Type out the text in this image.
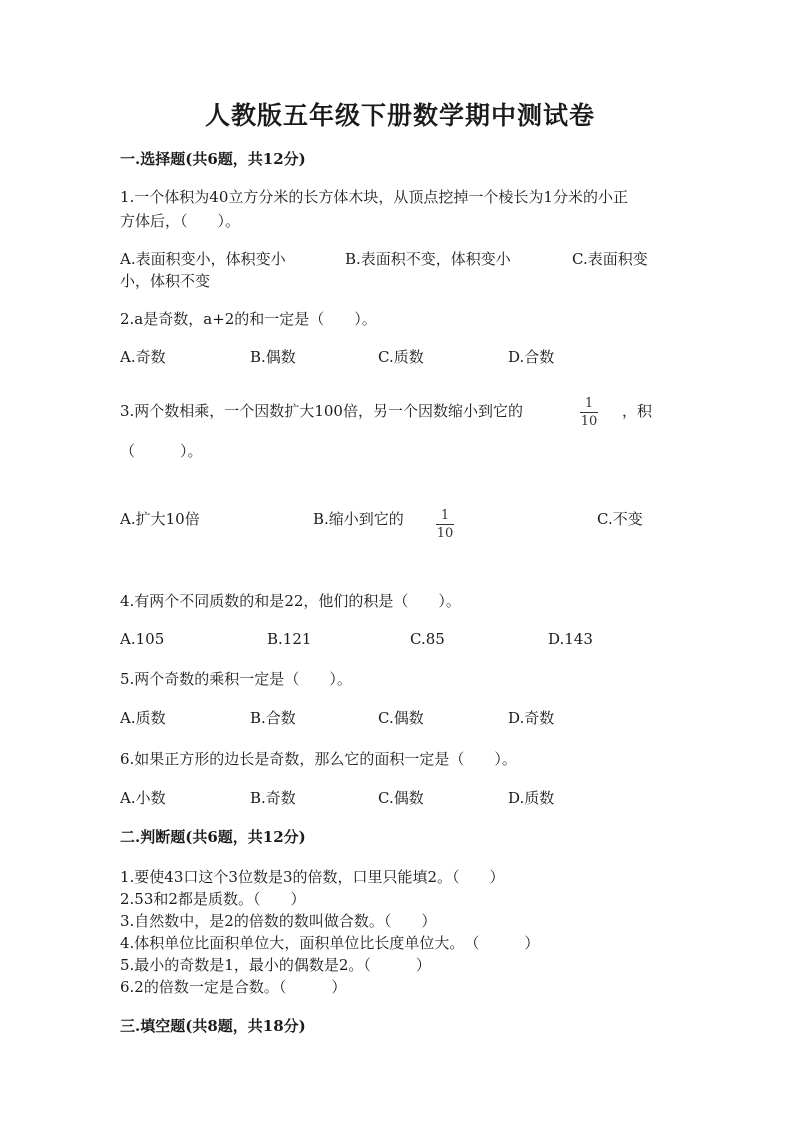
人教版五年级下册数学期中测试卷
一.选择题(共6题，共12分)
1.一个体积为40立方分米的长方体木块，从顶点挖掉一个棱长为1分米的小正
方体后，（　　）。
A.表面积变小，体积变小	B.表面积不变，体积变小	C.表面积变
小，体积不变
2.a是奇数，a+2的和一定是（　　）。
A.奇数	B.偶数	C.质数	D.合数
3.两个数相乘，一个因数扩大100倍，另一个因数缩小到它的	1
10
，积
（　　　）。
A.扩大10倍	B.缩小到它的	1
10
C.不变
4.有两个不同质数的和是22，他们的积是（　　）。
A.105	B.121	C.85	D.143
5.两个奇数的乘积一定是（　　）。
A.质数	B.合数	C.偶数	D.奇数
6.如果正方形的边长是奇数，那么它的面积一定是（　　）。
A.小数	B.奇数	C.偶数	D.质数
二.判断题(共6题，共12分)
1.要使43口这个3位数是3的倍数，口里只能填2。（　　）
2.53和2都是质数。（　　）
3.自然数中，是2的倍数的数叫做合数。（　　）
4.体积单位比面积单位大，面积单位比长度单位大。　（　　　）
5.最小的奇数是1，最小的偶数是2。（　　　）
6.2的倍数一定是合数。（　　　）
三.填空题(共8题，共18分)
